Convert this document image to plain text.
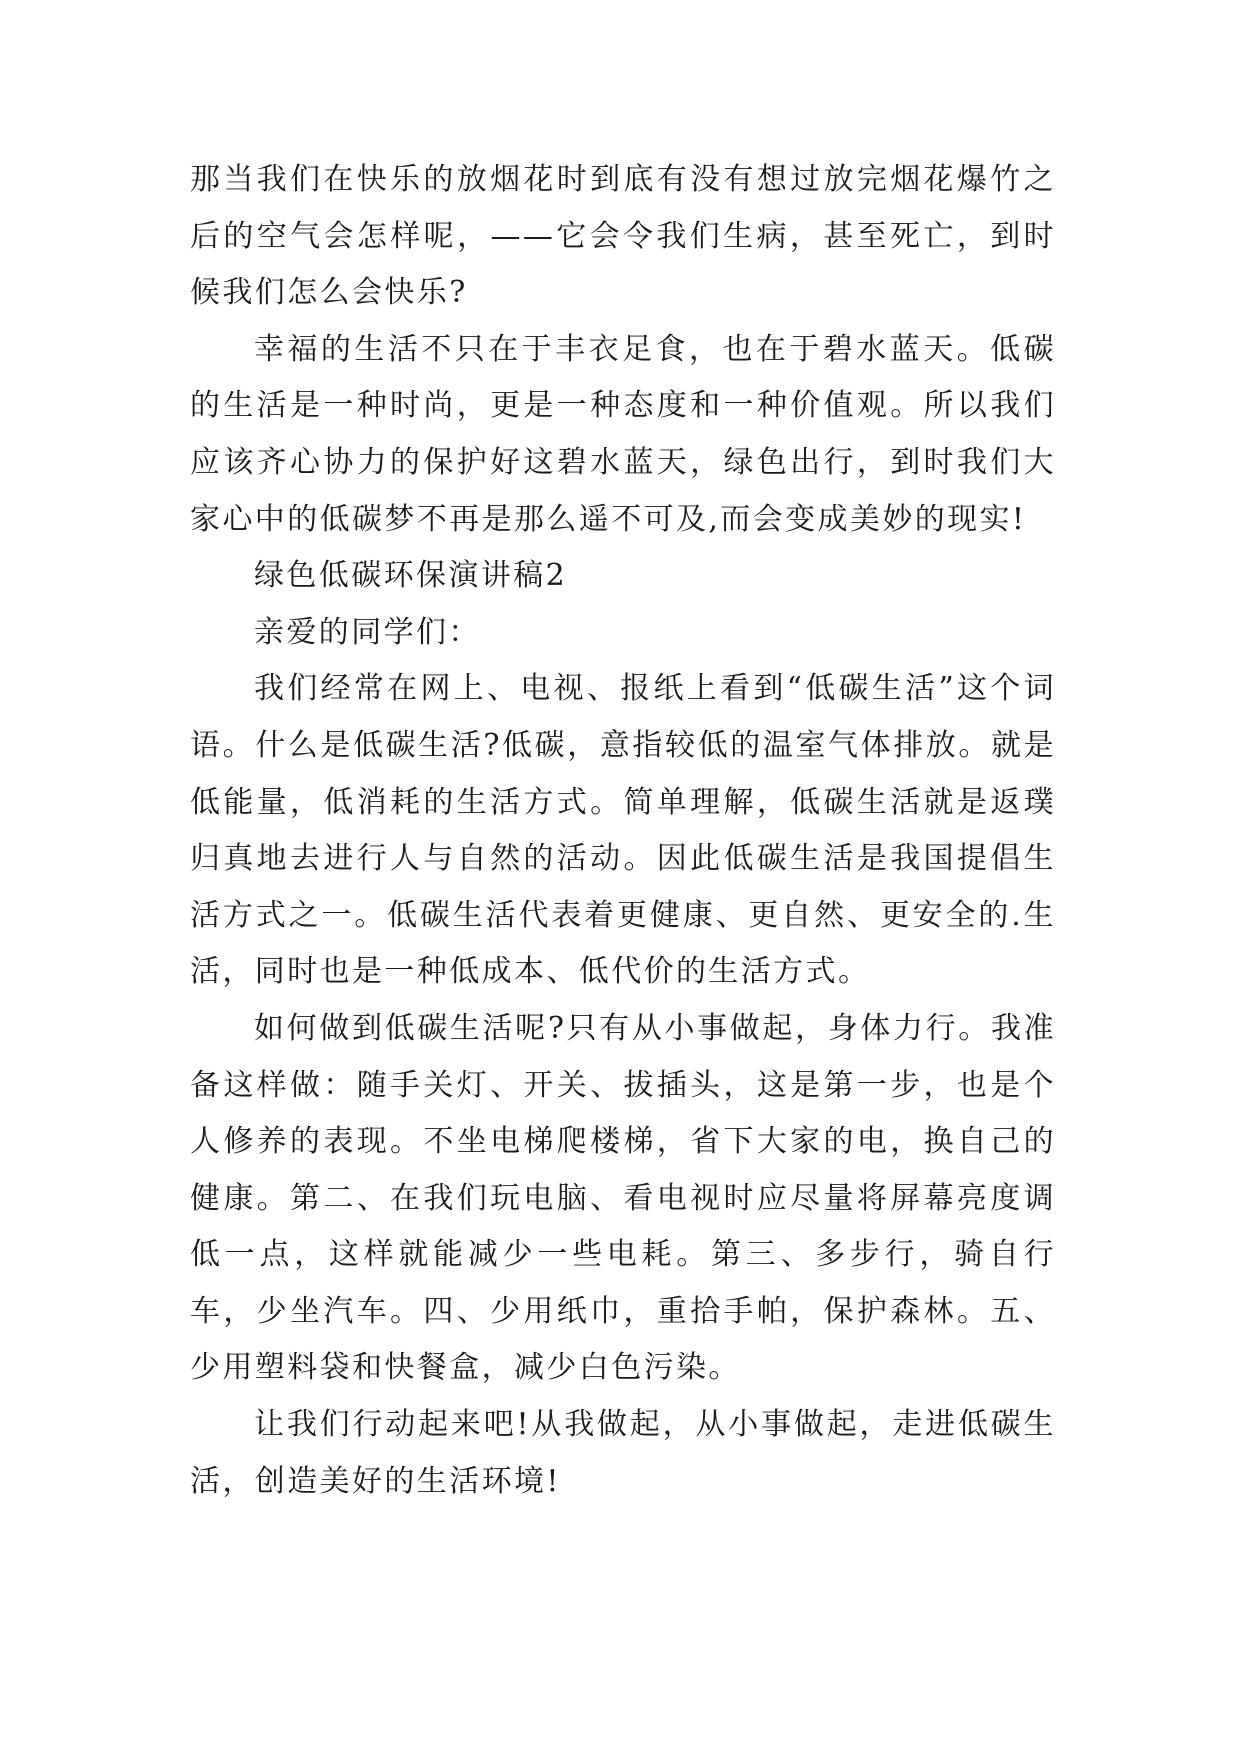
那当我们在快乐的放烟花时到底有没有想过放完烟花爆竹之后的空气会怎样呢，——它会令我们生病，甚至死亡，到时候我们怎么会快乐?

幸福的生活不只在于丰衣足食，也在于碧水蓝天。低碳的生活是一种时尚，更是一种态度和一种价值观。所以我们应该齐心协力的保护好这碧水蓝天，绿色出行，到时我们大家心中的低碳梦不再是那么遥不可及,而会变成美妙的现实!

绿色低碳环保演讲稿2

亲爱的同学们：

我们经常在网上、电视、报纸上看到“低碳生活”这个词语。什么是低碳生活?低碳，意指较低的温室气体排放。就是低能量，低消耗的生活方式。简单理解，低碳生活就是返璞归真地去进行人与自然的活动。因此低碳生活是我国提倡生活方式之一。低碳生活代表着更健康、更自然、更安全的.生活，同时也是一种低成本、低代价的生活方式。

如何做到低碳生活呢?只有从小事做起，身体力行。我准备这样做：随手关灯、开关、拔插头，这是第一步，也是个人修养的表现。不坐电梯爬楼梯，省下大家的电，换自己的健康。第二、在我们玩电脑、看电视时应尽量将屏幕亮度调低一点，这样就能减少一些电耗。第三、多步行，骑自行车，少坐汽车。四、少用纸巾，重拾手帕，保护森林。五、少用塑料袋和快餐盒，减少白色污染。

让我们行动起来吧!从我做起，从小事做起，走进低碳生活，创造美好的生活环境!
